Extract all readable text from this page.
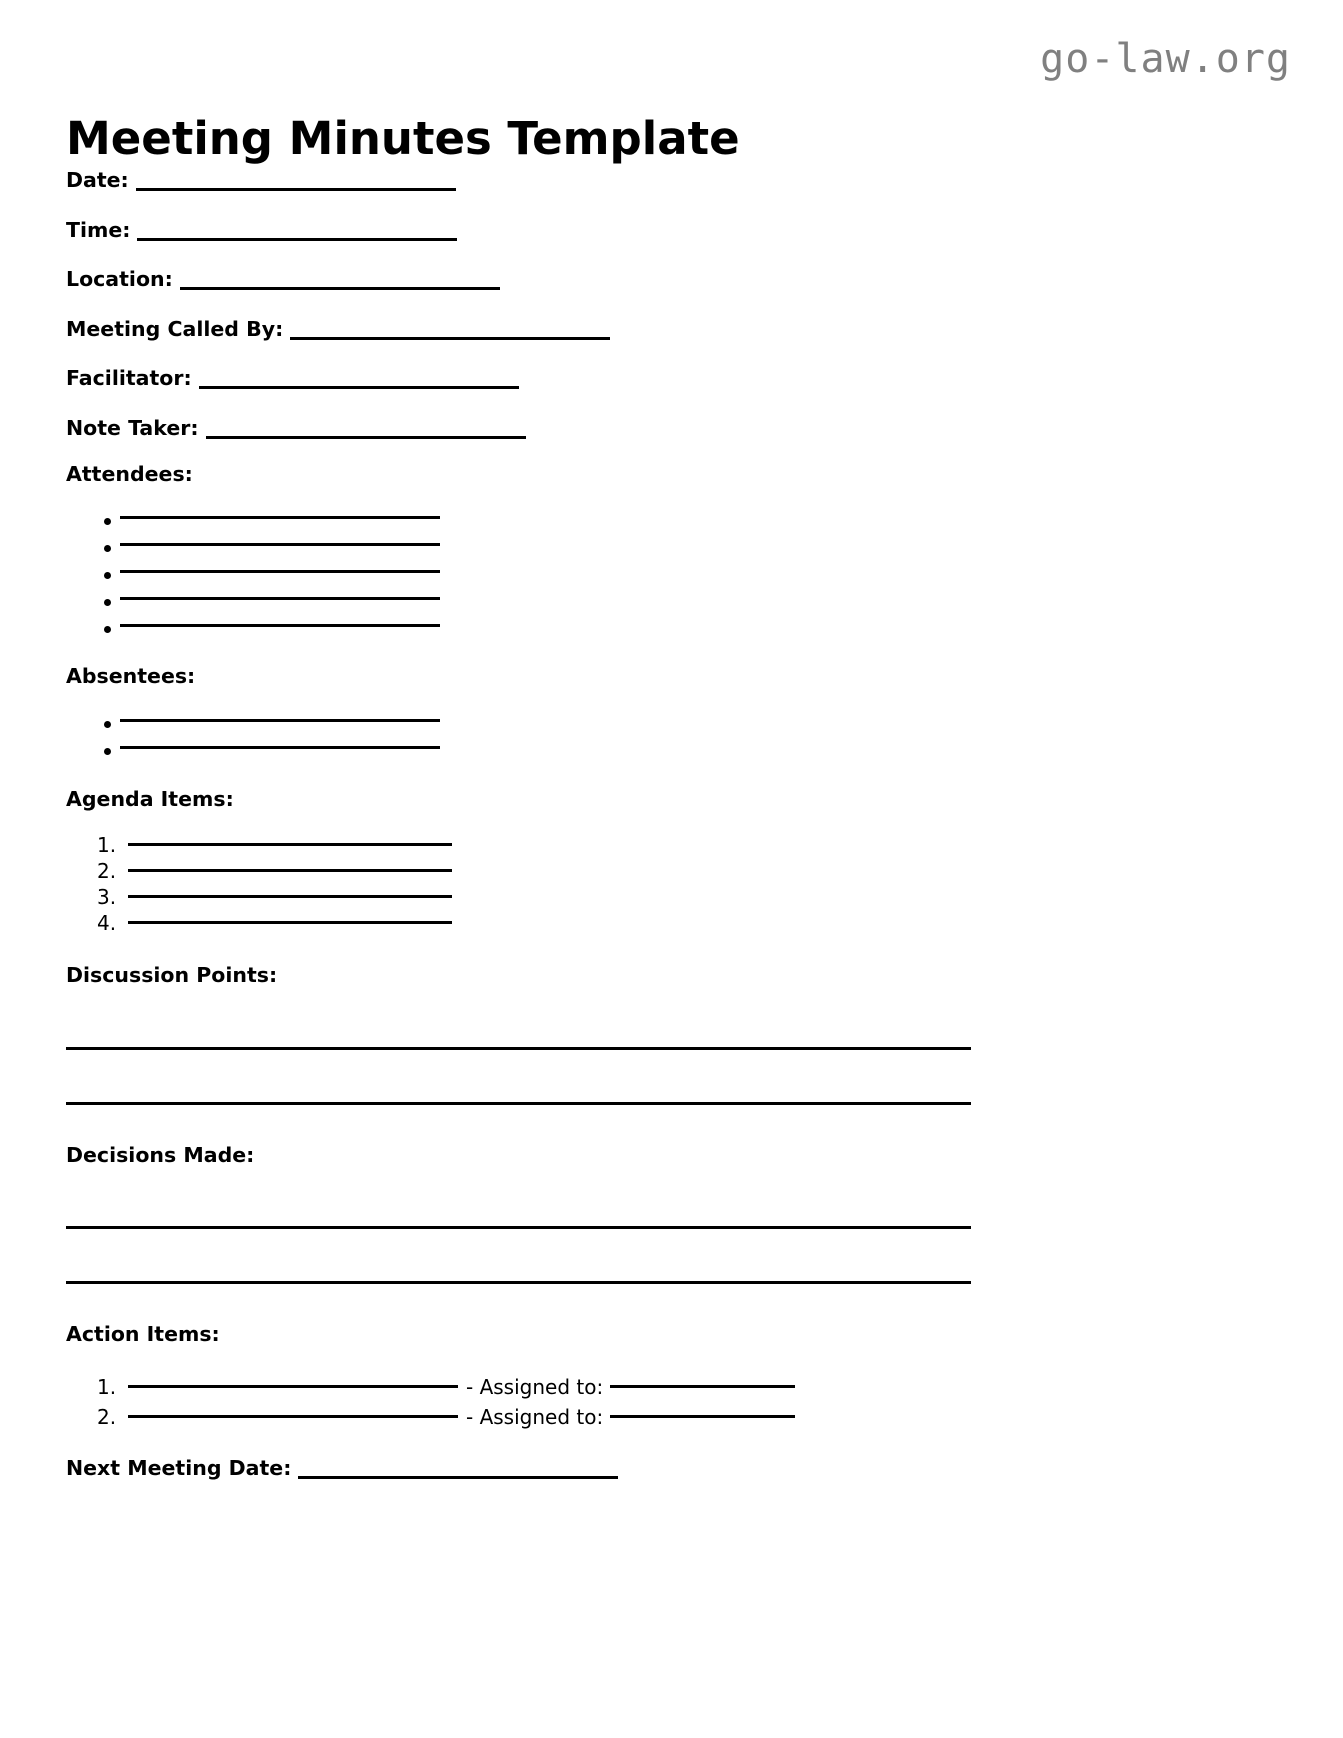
go-law.org
Meeting Minutes Template
Date:
Time:
Location:
Meeting Called By:
Facilitator:
Note Taker:
Attendees:
Absentees:
Agenda Items:
1.
2.
3.
4.
Discussion Points:
Decisions Made:
Action Items:
1.	- Assigned to:
2.	- Assigned to:
Next Meeting Date:
